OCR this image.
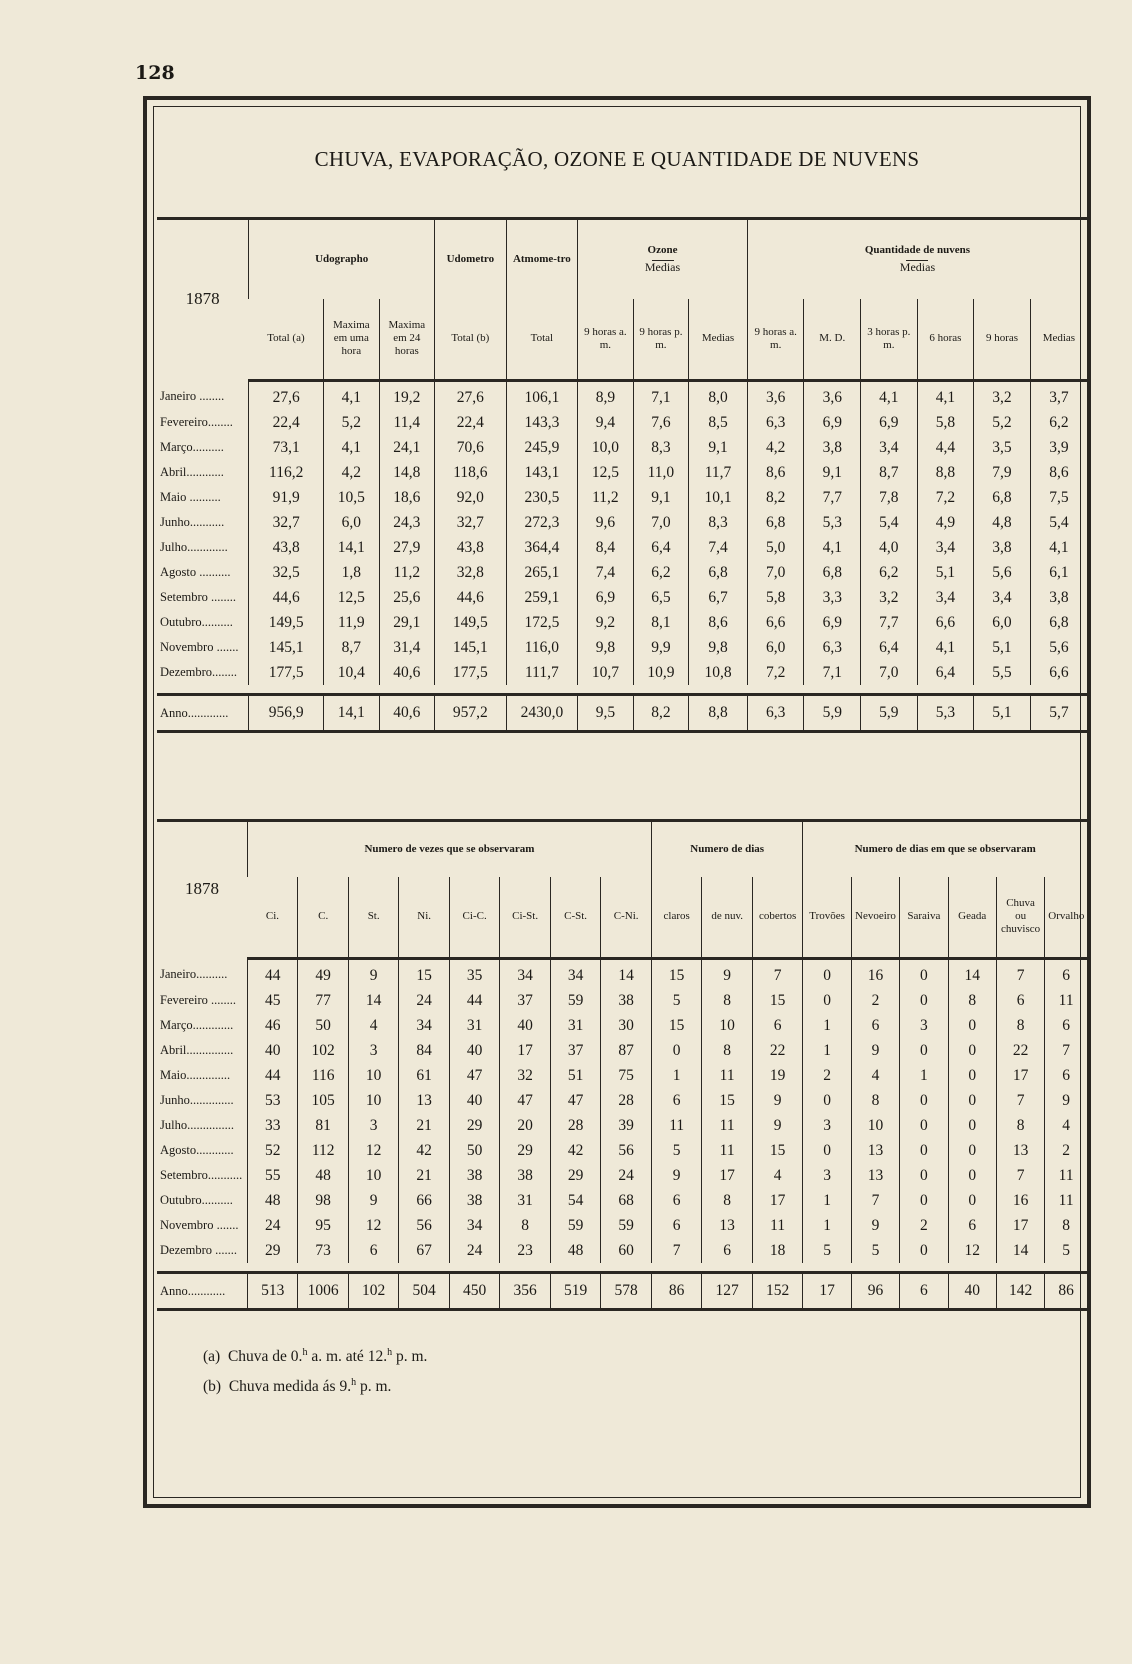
128
CHUVA, EVAPORAÇÃO, OZONE E QUANTIDADE DE NUVENS
1878	Udographo			Udometro	Atmome-tro	Ozone
Medias			Quantidade de nuvens
Medias					
	Total (a)	Maxima em uma hora	Maxima em 24 horas	Total (b)	Total	9 horas a. m.	9 horas p. m.	Medias	9 horas a. m.	M. D.	3 horas p. m.	6 horas	9 horas	Medias
Janeiro ........	27,6	4,1	19,2	27,6	106,1	8,9	7,1	8,0	3,6	3,6	4,1	4,1	3,2	3,7
Fevereiro........	22,4	5,2	11,4	22,4	143,3	9,4	7,6	8,5	6,3	6,9	6,9	5,8	5,2	6,2
Março..........	73,1	4,1	24,1	70,6	245,9	10,0	8,3	9,1	4,2	3,8	3,4	4,4	3,5	3,9
Abril............	116,2	4,2	14,8	118,6	143,1	12,5	11,0	11,7	8,6	9,1	8,7	8,8	7,9	8,6
Maio ..........	91,9	10,5	18,6	92,0	230,5	11,2	9,1	10,1	8,2	7,7	7,8	7,2	6,8	7,5
Junho...........	32,7	6,0	24,3	32,7	272,3	9,6	7,0	8,3	6,8	5,3	5,4	4,9	4,8	5,4
Julho.............	43,8	14,1	27,9	43,8	364,4	8,4	6,4	7,4	5,0	4,1	4,0	3,4	3,8	4,1
Agosto ..........	32,5	1,8	11,2	32,8	265,1	7,4	6,2	6,8	7,0	6,8	6,2	5,1	5,6	6,1
Setembro ........	44,6	12,5	25,6	44,6	259,1	6,9	6,5	6,7	5,8	3,3	3,2	3,4	3,4	3,8
Outubro..........	149,5	11,9	29,1	149,5	172,5	9,2	8,1	8,6	6,6	6,9	7,7	6,6	6,0	6,8
Novembro .......	145,1	8,7	31,4	145,1	116,0	9,8	9,9	9,8	6,0	6,3	6,4	4,1	5,1	5,6
Dezembro........	177,5	10,4	40,6	177,5	111,7	10,7	10,9	10,8	7,2	7,1	7,0	6,4	5,5	6,6

Anno.............	956,9	14,1	40,6	957,2	2430,0	9,5	8,2	8,8	6,3	5,9	5,9	5,3	5,1	5,7
1878	Numero de vezes que se observaram								Numero de dias			Numero de dias em que se observaram					
	Ci.	C.	St.	Ni.	Ci-C.	Ci-St.	C-St.	C-Ni.	claros	de nuv.	cobertos	Trovões	Nevoeiro	Saraiva	Geada	Chuva ou chuvisco	Orvalho
Janeiro..........	44	49	9	15	35	34	34	14	15	9	7	0	16	0	14	7	6
Fevereiro ........	45	77	14	24	44	37	59	38	5	8	15	0	2	0	8	6	11
Março.............	46	50	4	34	31	40	31	30	15	10	6	1	6	3	0	8	6
Abril...............	40	102	3	84	40	17	37	87	0	8	22	1	9	0	0	22	7
Maio..............	44	116	10	61	47	32	51	75	1	11	19	2	4	1	0	17	6
Junho..............	53	105	10	13	40	47	47	28	6	15	9	0	8	0	0	7	9
Julho...............	33	81	3	21	29	20	28	39	11	11	9	3	10	0	0	8	4
Agosto............	52	112	12	42	50	29	42	56	5	11	15	0	13	0	0	13	2
Setembro...........	55	48	10	21	38	38	29	24	9	17	4	3	13	0	0	7	11
Outubro..........	48	98	9	66	38	31	54	68	6	8	17	1	7	0	0	16	11
Novembro .......	24	95	12	56	34	8	59	59	6	13	11	1	9	2	6	17	8
Dezembro .......	29	73	6	67	24	23	48	60	7	6	18	5	5	0	12	14	5

Anno............	513	1006	102	504	450	356	519	578	86	127	152	17	96	6	40	142	86
(a) Chuva de 0.$^h$ a. m. até 12.$^h$ p. m.
(b) Chuva medida ás 9.$^h$ p. m.
